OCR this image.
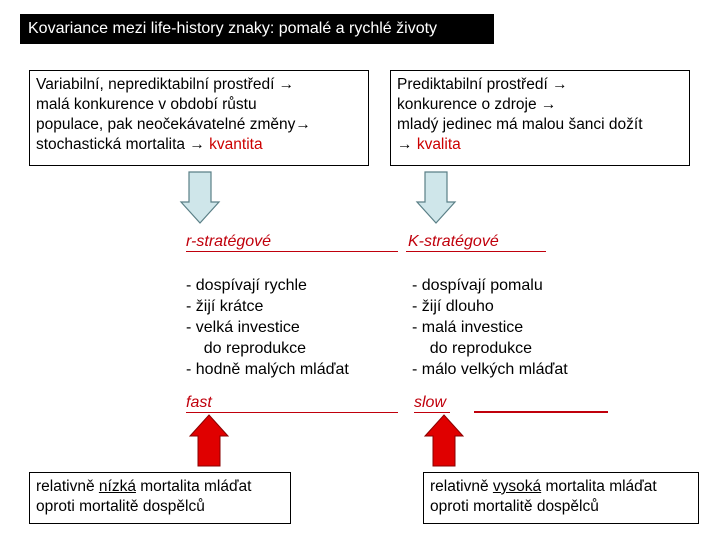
Kovariance mezi life-history znaky: pomalé a rychlé životy
Variabilní, neprediktabilní prostředí →
malá konkurence v období růstu
populace, pak neočekávatelné změny→
stochastická mortalita → kvantita
Prediktabilní prostředí →
konkurence o zdroje →
mladý jedinec má malou šanci dožít
→ kvalita
r-stratégové	K-stratégové
- dospívají rychle
- žijí krátce
- velká investice
do reprodukce
- hodně malých mláďat
- dospívají pomalu
- žijí dlouho
- malá investice
do reprodukce
- málo velkých mláďat
fast	slow
relativně nízká mortalita mláďat
oproti mortalitě dospělců
relativně vysoká mortalita mláďat
oproti mortalitě dospělců
